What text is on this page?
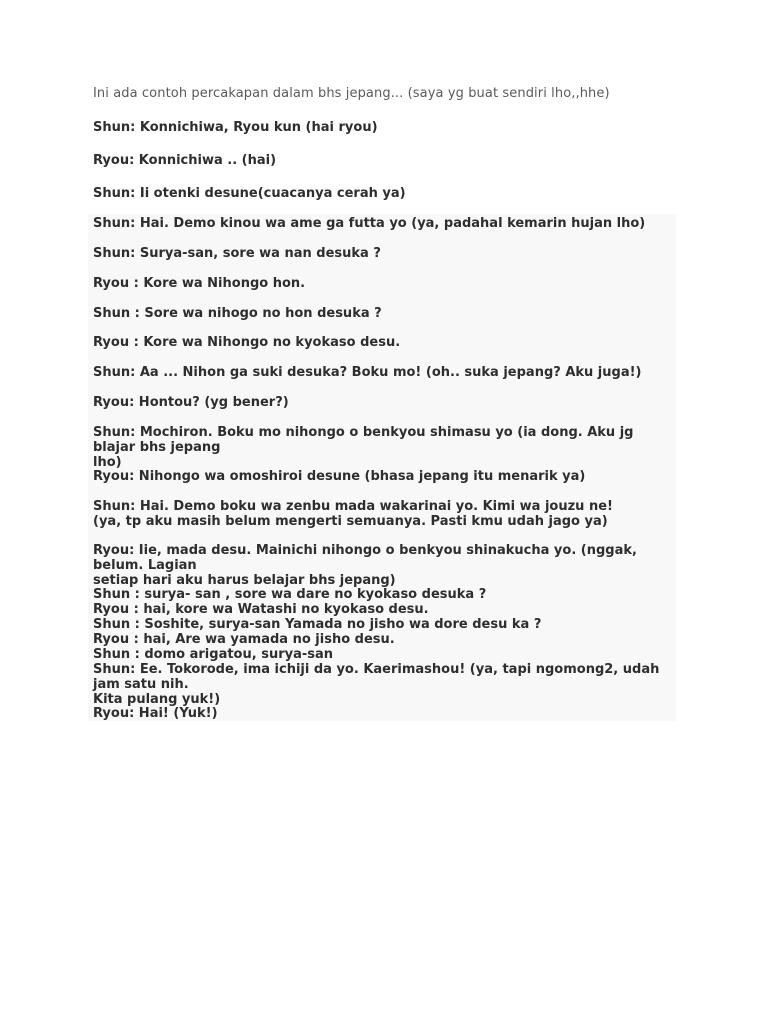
Ini ada contoh percakapan dalam bhs jepang... (saya yg buat sendiri lho,,hhe)
Shun: Konnichiwa, Ryou kun (hai ryou)
Ryou: Konnichiwa .. (hai)
Shun: Ii otenki desune(cuacanya cerah ya)
Shun: Hai. Demo kinou wa ame ga futta yo (ya, padahal kemarin hujan lho)
Shun: Surya-san, sore wa nan desuka ?
Ryou : Kore wa Nihongo hon.
Shun : Sore wa nihogo no hon desuka ?
Ryou : Kore wa Nihongo no kyokaso desu.
Shun: Aa ... Nihon ga suki desuka? Boku mo! (oh.. suka jepang? Aku juga!)
Ryou: Hontou? (yg bener?)
Shun: Mochiron. Boku mo nihongo o benkyou shimasu yo (ia dong. Aku jg blajar bhs jepang
lho)
Ryou: Nihongo wa omoshiroi desune (bhasa jepang itu menarik ya)
Shun: Hai. Demo boku wa zenbu mada wakarinai yo. Kimi wa jouzu ne!
(ya, tp aku masih belum mengerti semuanya. Pasti kmu udah jago ya)
Ryou: Iie, mada desu. Mainichi nihongo o benkyou shinakucha yo. (nggak, belum. Lagian
setiap hari aku harus belajar bhs jepang)
Shun : surya- san , sore wa dare no kyokaso desuka ?
Ryou : hai, kore wa Watashi no kyokaso desu.
Shun : Soshite, surya-san Yamada no jisho wa dore desu ka ?
Ryou : hai, Are wa yamada no jisho desu.
Shun : domo arigatou, surya-san
Shun: Ee. Tokorode, ima ichiji da yo. Kaerimashou! (ya, tapi ngomong2, udah jam satu nih.
Kita pulang yuk!)
Ryou: Hai! (Yuk!)
